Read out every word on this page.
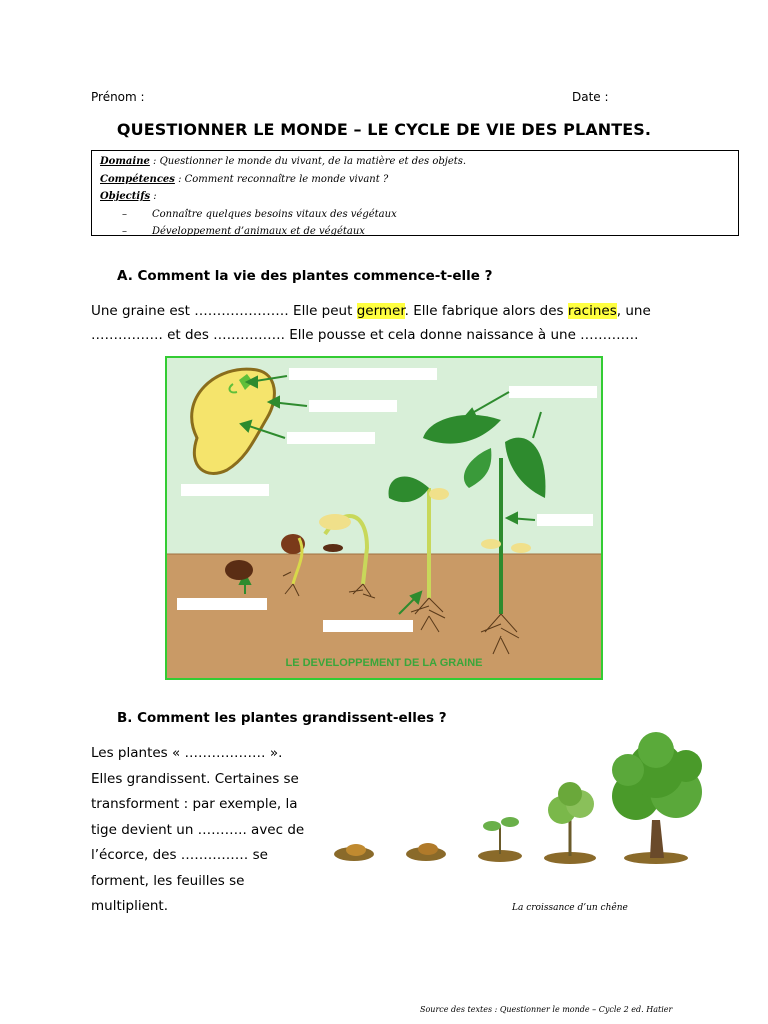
Prénom :	Date :
QUESTIONNER LE MONDE – LE CYCLE DE VIE DES PLANTES.
Domaine : Questionner le monde du vivant, de la matière et des objets.
Compétences : Comment reconnaître le monde vivant ?
Objectifs :
–	Connaître quelques besoins vitaux des végétaux
–	Développement d’animaux et de végétaux
A. Comment la vie des plantes commence-t-elle ?
Une graine est ………………… Elle peut germer. Elle fabrique alors des racines, une
……………. et des ……………. Elle pousse et cela donne naissance à une ………….
LE DEVELOPPEMENT DE LA GRAINE
B. Comment les plantes grandissent-elles ?
Les plantes « ……………… ».
Elles grandissent. Certaines se
transforment : par exemple, la
tige devient un ……….. avec de
l’écorce, des …………… se
forment, les feuilles se
multiplient.	La croissance d’un chêne
Source des textes : Questionner le monde – Cycle 2 ed. Hatier
